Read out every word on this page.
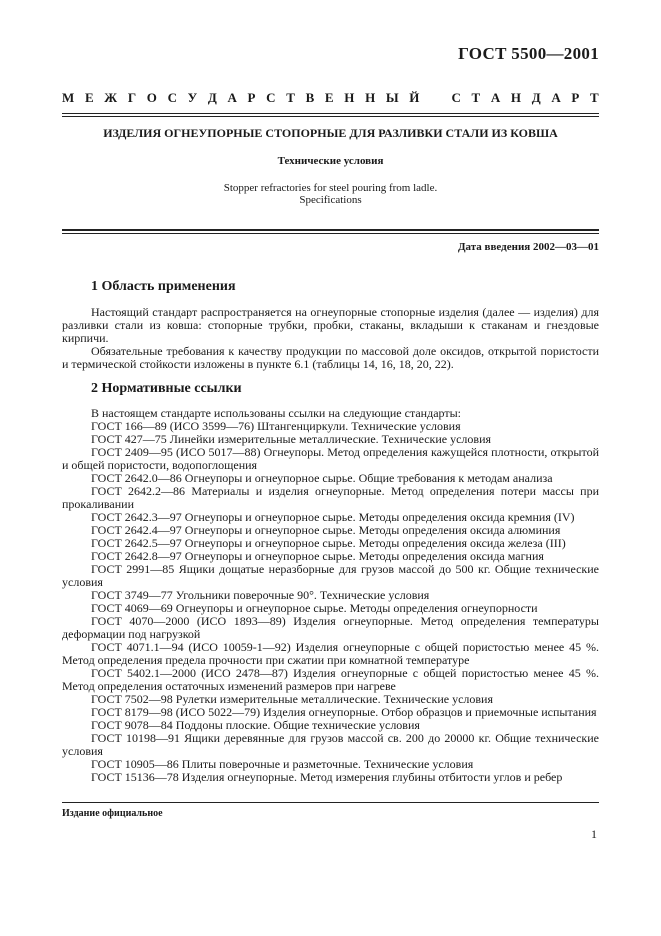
ГОСТ 5500—2001
М Е Ж Г О С У Д А Р С Т В Е Н Н Ы Й С Т А Н Д А Р Т
ИЗДЕЛИЯ ОГНЕУПОРНЫЕ СТОПОРНЫЕ ДЛЯ РАЗЛИВКИ СТАЛИ ИЗ КОВША
Технические условия
Stopper refractories for steel pouring from ladle.
Specifications
Дата введения 2002—03—01
1 Область применения
Настоящий стандарт распространяется на огнеупорные стопорные изделия (далее — изделия) для разливки стали из ковша: стопорные трубки, пробки, стаканы, вкладыши к стаканам и гнездовые кирпичи.
Обязательные требования к качеству продукции по массовой доле оксидов, открытой пористости и термической стойкости изложены в пункте 6.1 (таблицы 14, 16, 18, 20, 22).
2 Нормативные ссылки
В настоящем стандарте использованы ссылки на следующие стандарты:
ГОСТ 166—89 (ИСО 3599—76) Штангенциркули. Технические условия
ГОСТ 427—75 Линейки измерительные металлические. Технические условия
ГОСТ 2409—95 (ИСО 5017—88) Огнеупоры. Метод определения кажущейся плотности, открытой и общей пористости, водопоглощения
ГОСТ 2642.0—86 Огнеупоры и огнеупорное сырье. Общие требования к методам анализа
ГОСТ 2642.2—86 Материалы и изделия огнеупорные. Метод определения потери массы при прокаливании
ГОСТ 2642.3—97 Огнеупоры и огнеупорное сырье. Методы определения оксида кремния (IV)
ГОСТ 2642.4—97 Огнеупоры и огнеупорное сырье. Методы определения оксида алюминия
ГОСТ 2642.5—97 Огнеупоры и огнеупорное сырье. Методы определения оксида железа (III)
ГОСТ 2642.8—97 Огнеупоры и огнеупорное сырье. Методы определения оксида магния
ГОСТ 2991—85 Ящики дощатые неразборные для грузов массой до 500 кг. Общие технические условия
ГОСТ 3749—77 Угольники поверочные 90°. Технические условия
ГОСТ 4069—69 Огнеупоры и огнеупорное сырье. Методы определения огнеупорности
ГОСТ 4070—2000 (ИСО 1893—89) Изделия огнеупорные. Метод определения температуры деформации под нагрузкой
ГОСТ 4071.1—94 (ИСО 10059-1—92) Изделия огнеупорные с общей пористостью менее 45 %. Метод определения предела прочности при сжатии при комнатной температуре
ГОСТ 5402.1—2000 (ИСО 2478—87) Изделия огнеупорные с общей пористостью менее 45 %. Метод определения остаточных изменений размеров при нагреве
ГОСТ 7502—98 Рулетки измерительные металлические. Технические условия
ГОСТ 8179—98 (ИСО 5022—79) Изделия огнеупорные. Отбор образцов и приемочные испытания
ГОСТ 9078—84 Поддоны плоские. Общие технические условия
ГОСТ 10198—91 Ящики деревянные для грузов массой св. 200 до 20000 кг. Общие технические условия
ГОСТ 10905—86 Плиты поверочные и разметочные. Технические условия
ГОСТ 15136—78 Изделия огнеупорные. Метод измерения глубины отбитости углов и ребер
Издание официальное
1
